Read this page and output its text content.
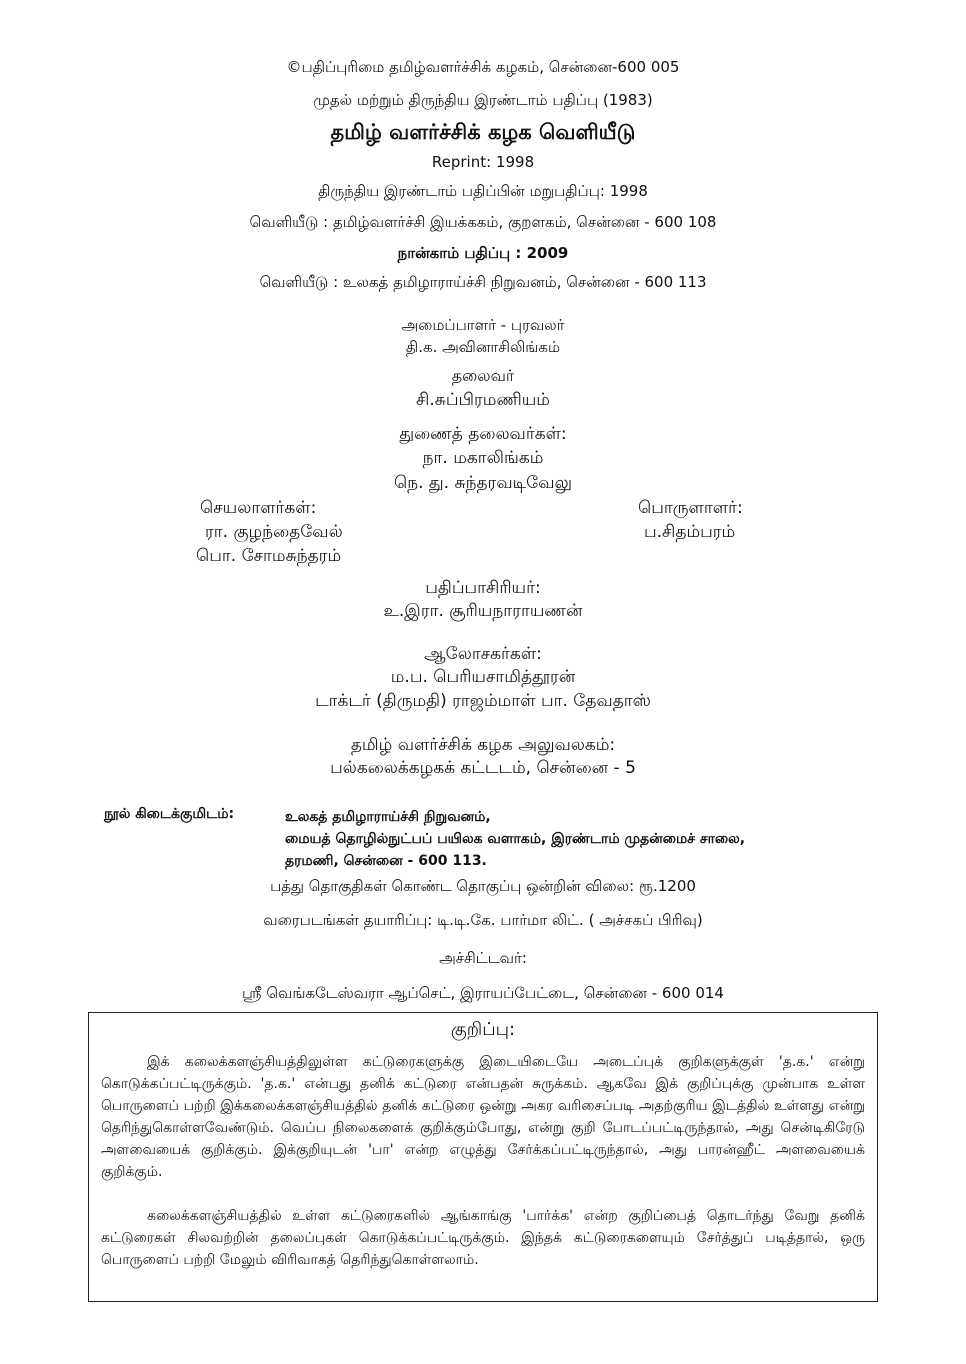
©பதிப்புரிமை தமிழ்வளர்ச்சிக் கழகம், சென்னை-600 005
முதல் மற்றும் திருந்திய இரண்டாம் பதிப்பு (1983)
தமிழ் வளர்ச்சிக் கழக வெளியீடு
Reprint: 1998
திருந்திய இரண்டாம் பதிப்பின் மறுபதிப்பு: 1998
வெளியீடு : தமிழ்வளர்ச்சி இயக்ககம், குறளகம், சென்னை - 600 108
நான்காம் பதிப்பு : 2009
வெளியீடு : உலகத் தமிழாராய்ச்சி நிறுவனம், சென்னை - 600 113
அமைப்பாளர் - புரவலர்
தி.க. அவினாசிலிங்கம்
தலைவர்
சி.சுப்பிரமணியம்
துணைத் தலைவர்கள்:
நா. மகாலிங்கம்
நெ. து. சுந்தரவடிவேலு
செயலாளர்கள்:
ரா. குழந்தைவேல்
பொ. சோமசுந்தரம்
பொருளாளர்:
ப.சிதம்பரம்
பதிப்பாசிரியர்:
உ.இரா. சூரியநாராயணன்
ஆலோசகர்கள்:
ம.ப. பெரியசாமித்தூரன்
டாக்டர் (திருமதி) ராஜம்மாள் பா. தேவதாஸ்
தமிழ் வளர்ச்சிக் கழக அலுவலகம்:
பல்கலைக்கழகக் கட்டடம், சென்னை - 5
நூல் கிடைக்குமிடம்:	உலகத் தமிழாராய்ச்சி நிறுவனம்,
மையத் தொழில்நுட்பப் பயிலக வளாகம், இரண்டாம் முதன்மைச் சாலை,
தரமணி, சென்னை - 600 113.
பத்து தொகுதிகள் கொண்ட தொகுப்பு ஒன்றின் விலை: ரூ.1200
வரைபடங்கள் தயாரிப்பு: டி.டி.கே. பார்மா லிட். ( அச்சகப் பிரிவு)
அச்சிட்டவர்:
ஸ்ரீ வெங்கடேஸ்வரா ஆப்செட், இராயப்பேட்டை, சென்னை - 600 014
குறிப்பு:
இக் கலைக்களஞ்சியத்திலுள்ள கட்டுரைகளுக்கு இடையிடையே அடைப்புக் குறிகளுக்குள் 'த.க.' என்று கொடுக்கப்பட்டிருக்கும். 'த.க.' என்பது தனிக் கட்டுரை என்பதன் சுருக்கம். ஆகவே இக் குறிப்புக்கு முன்பாக உள்ள பொருளைப் பற்றி இக்கலைக்களஞ்சியத்தில் தனிக் கட்டுரை ஒன்று அகர வரிசைப்படி அதற்குரிய இடத்தில் உள்ளது என்று தெரிந்துகொள்ளவேண்டும். வெப்ப நிலைகளைக் குறிக்கும்போது, என்று குறி போடப்பட்டிருந்தால், அது சென்டிகிரேடு அளவையைக் குறிக்கும். இக்குறியுடன் 'பா' என்ற எழுத்து சேர்க்கப்பட்டிருந்தால், அது பாரன்ஹீட் அளவையைக் குறிக்கும்.
கலைக்களஞ்சியத்தில் உள்ள கட்டுரைகளில் ஆங்காங்கு 'பார்க்க' என்ற குறிப்பைத் தொடர்ந்து வேறு தனிக் கட்டுரைகள் சிலவற்றின் தலைப்புகள் கொடுக்கப்பட்டிருக்கும். இந்தக் கட்டுரைகளையும் சேர்த்துப் படித்தால், ஒரு பொருளைப் பற்றி மேலும் விரிவாகத் தெரிந்துகொள்ளலாம்.
